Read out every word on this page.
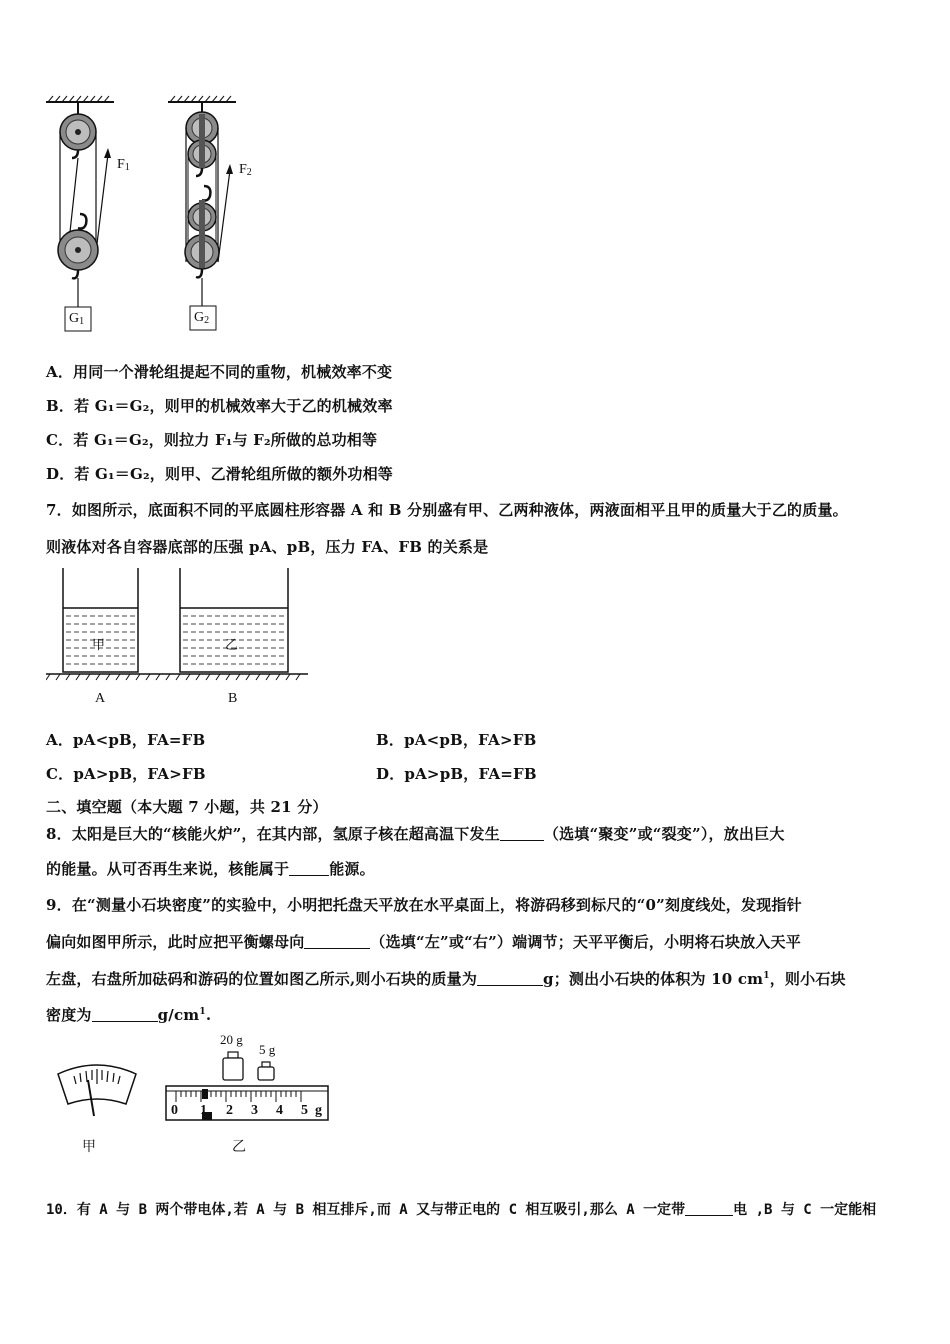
$F_1$	$F_2$
$G_1$	$G_2$
A．用同一个滑轮组提起不同的重物，机械效率不变
B．若 G₁＝G₂，则甲的机械效率大于乙的机械效率
C．若 G₁＝G₂，则拉力 F₁与 F₂所做的总功相等
D．若 G₁＝G₂，则甲、乙滑轮组所做的额外功相等
7．如图所示，底面积不同的平底圆柱形容器 A 和 B 分别盛有甲、乙两种液体，两液面相平且甲的质量大于乙的质量。
则液体对各自容器底部的压强 pA、pB，压力 FA、FB 的关系是
甲	乙
A	B
A．pA<pB，FA=FB	B．pA<pB，FA>FB
C．pA>pB，FA>FB	D．pA>pB，FA=FB
二、填空题（本大题 7 小题，共 21 分）
8．太阳是巨大的“核能火炉”，在其内部，氢原子核在超高温下发生	（选填“聚变”或“裂变”），放出巨大
的能量。从可否再生来说，核能属于	能源。
9．在“测量小石块密度”的实验中，小明把托盘天平放在水平桌面上，将游码移到标尺的“0”刻度线处，发现指针
偏向如图甲所示，此时应把平衡螺母向	（选填“左”或“右”）端调节；天平平衡后，小明将石块放入天平
左盘，右盘所加砝码和游码的位置如图乙所示,则小石块的质量为	g；测出小石块的体积为 10 $cm^1$，则小石块
密度为	$g/cm^1$.
甲
20 g
5 g
0 1 2 3 4 5 g
乙
10．有 A 与 B 两个带电体,若 A 与 B 相互排斥,而 A 又与带正电的 C 相互吸引,那么 A 一定带	电 ,B 与 C 一定能相
